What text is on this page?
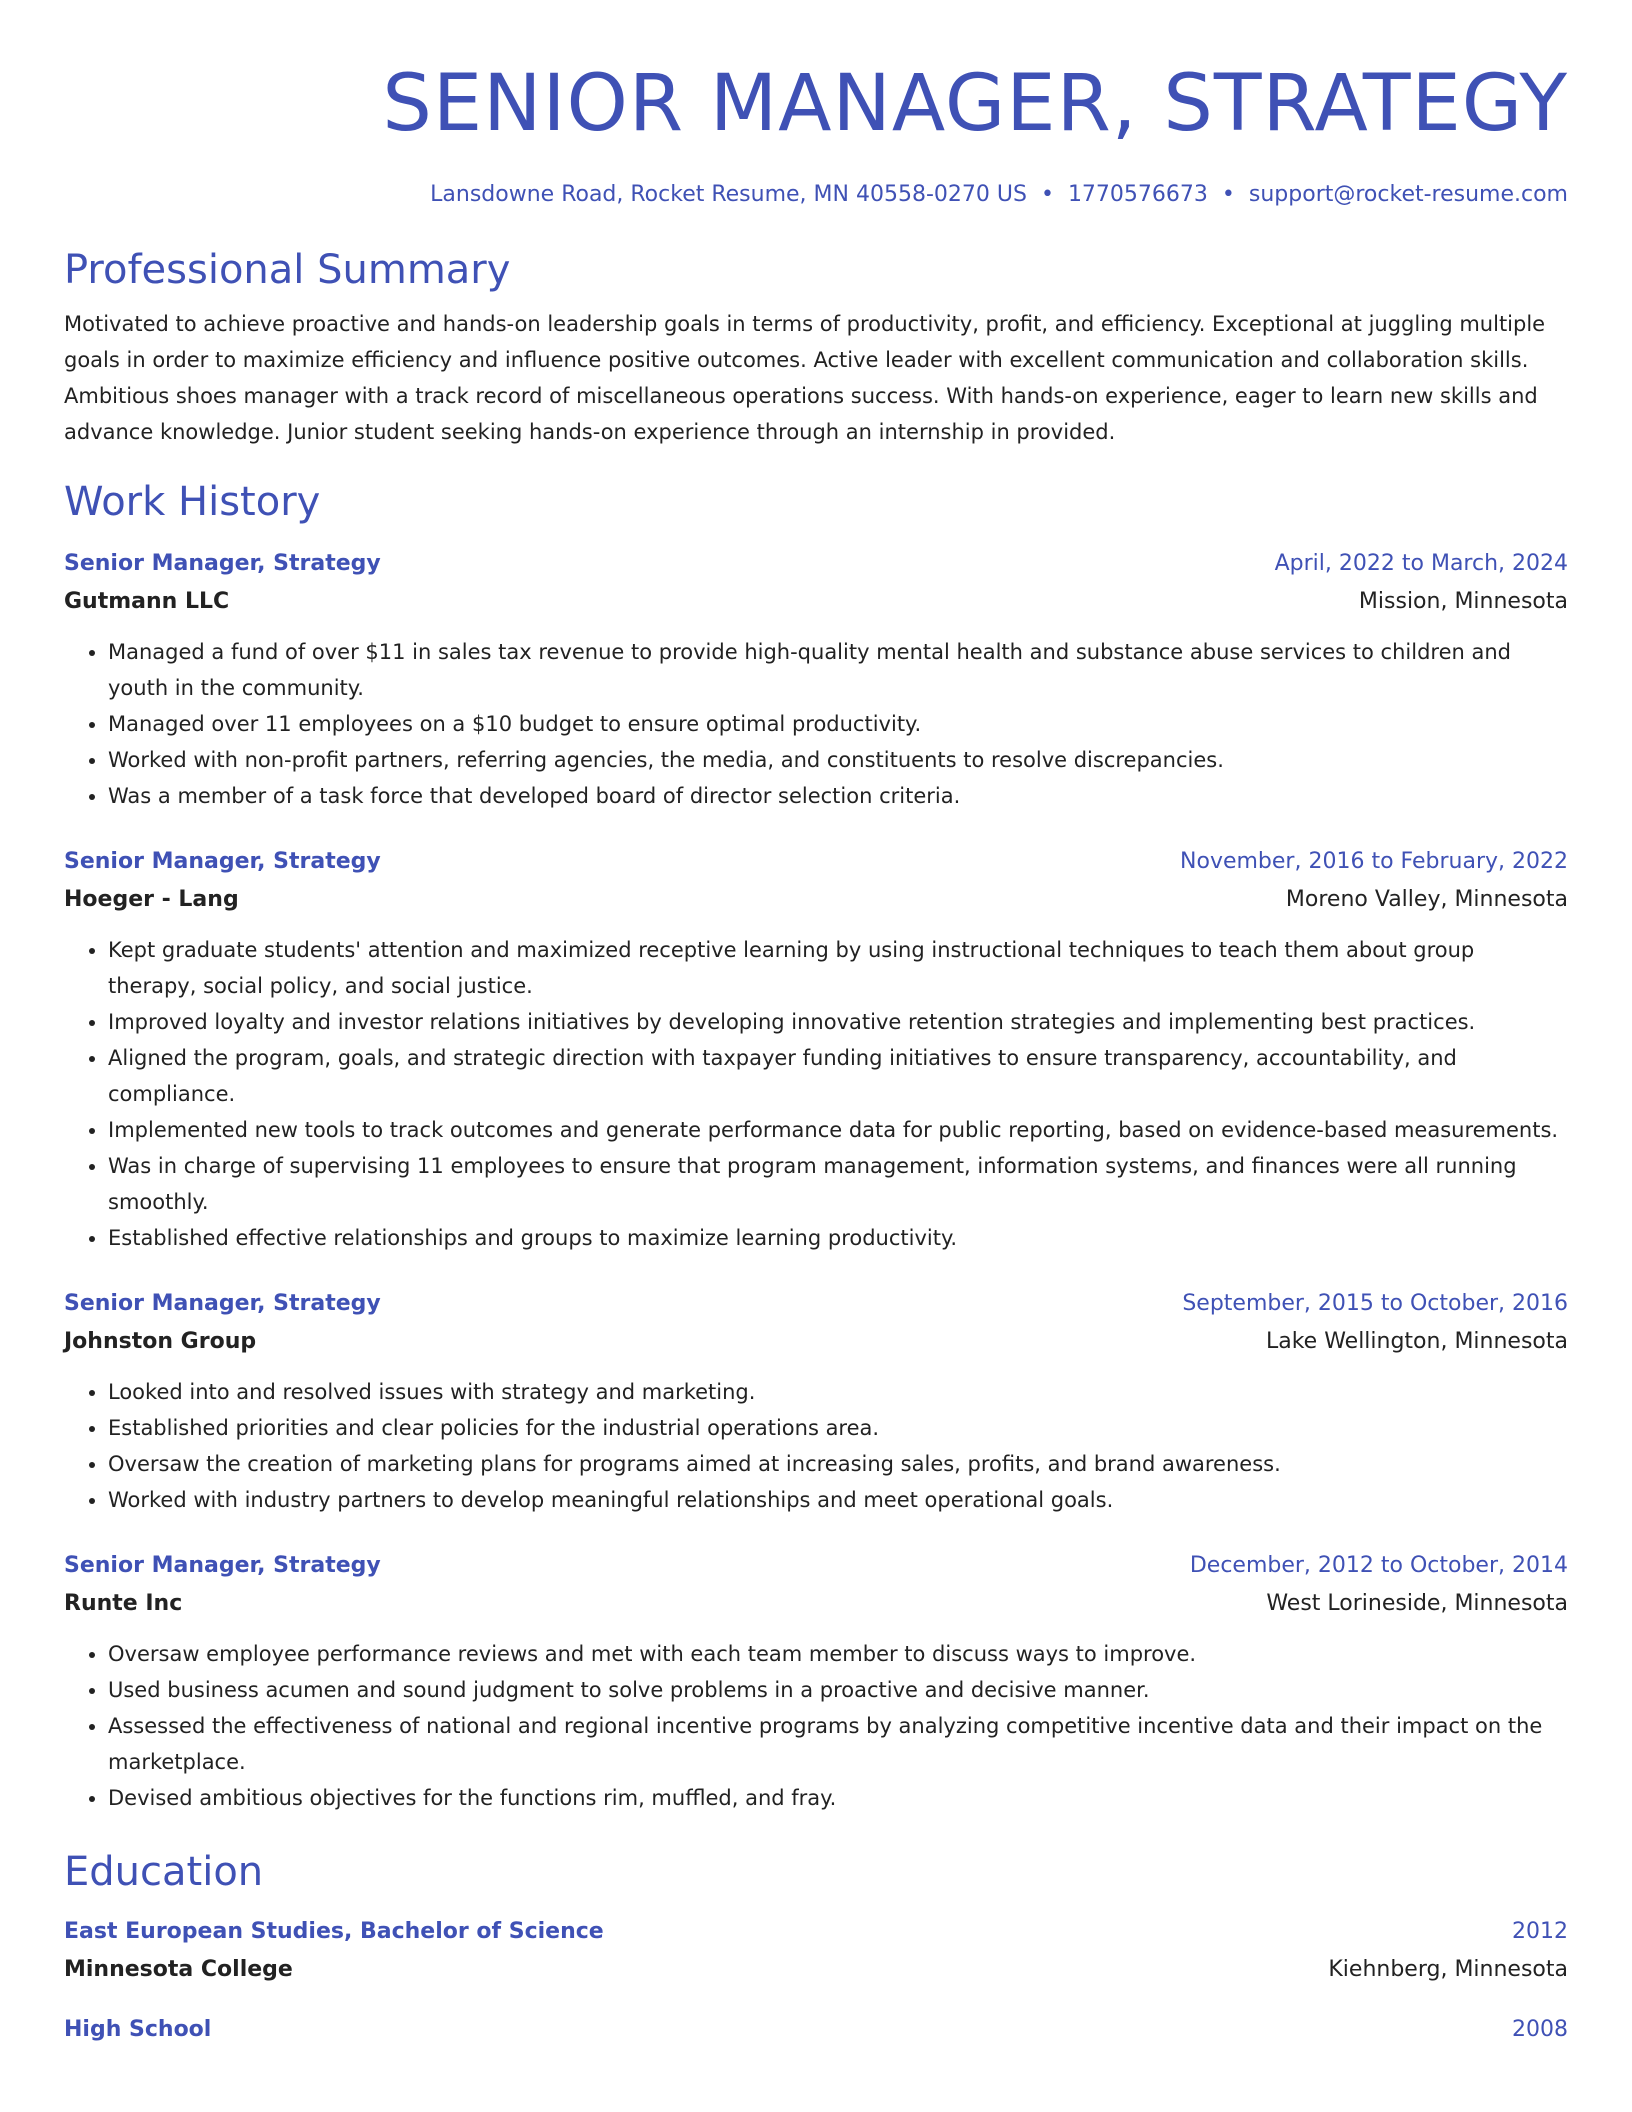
SENIOR MANAGER, STRATEGY
Lansdowne Road, Rocket Resume, MN 40558-0270 US • 1770576673 • support@rocket-resume.com
Professional Summary
Motivated to achieve proactive and hands-on leadership goals in terms of productivity, profit, and efficiency. Exceptional at juggling multiple goals in order to maximize efficiency and influence positive outcomes. Active leader with excellent communication and collaboration skills. Ambitious shoes manager with a track record of miscellaneous operations success. With hands-on experience, eager to learn new skills and advance knowledge. Junior student seeking hands-on experience through an internship in provided.
Work History
Senior Manager, Strategy	April, 2022 to March, 2024
Gutmann LLC	Mission, Minnesota
• Managed a fund of over $11 in sales tax revenue to provide high-quality mental health and substance abuse services to children and youth in the community.
• Managed over 11 employees on a $10 budget to ensure optimal productivity.
• Worked with non-profit partners, referring agencies, the media, and constituents to resolve discrepancies.
• Was a member of a task force that developed board of director selection criteria.
Senior Manager, Strategy	November, 2016 to February, 2022
Hoeger - Lang	Moreno Valley, Minnesota
• Kept graduate students' attention and maximized receptive learning by using instructional techniques to teach them about group therapy, social policy, and social justice.
• Improved loyalty and investor relations initiatives by developing innovative retention strategies and implementing best practices.
• Aligned the program, goals, and strategic direction with taxpayer funding initiatives to ensure transparency, accountability, and compliance.
• Implemented new tools to track outcomes and generate performance data for public reporting, based on evidence-based measurements.
• Was in charge of supervising 11 employees to ensure that program management, information systems, and finances were all running smoothly.
• Established effective relationships and groups to maximize learning productivity.
Senior Manager, Strategy	September, 2015 to October, 2016
Johnston Group	Lake Wellington, Minnesota
• Looked into and resolved issues with strategy and marketing.
• Established priorities and clear policies for the industrial operations area.
• Oversaw the creation of marketing plans for programs aimed at increasing sales, profits, and brand awareness.
• Worked with industry partners to develop meaningful relationships and meet operational goals.
Senior Manager, Strategy	December, 2012 to October, 2014
Runte Inc	West Lorineside, Minnesota
• Oversaw employee performance reviews and met with each team member to discuss ways to improve.
• Used business acumen and sound judgment to solve problems in a proactive and decisive manner.
• Assessed the effectiveness of national and regional incentive programs by analyzing competitive incentive data and their impact on the marketplace.
• Devised ambitious objectives for the functions rim, muffled, and fray.
Education
East European Studies, Bachelor of Science	2012
Minnesota College	Kiehnberg, Minnesota
High School	2008
